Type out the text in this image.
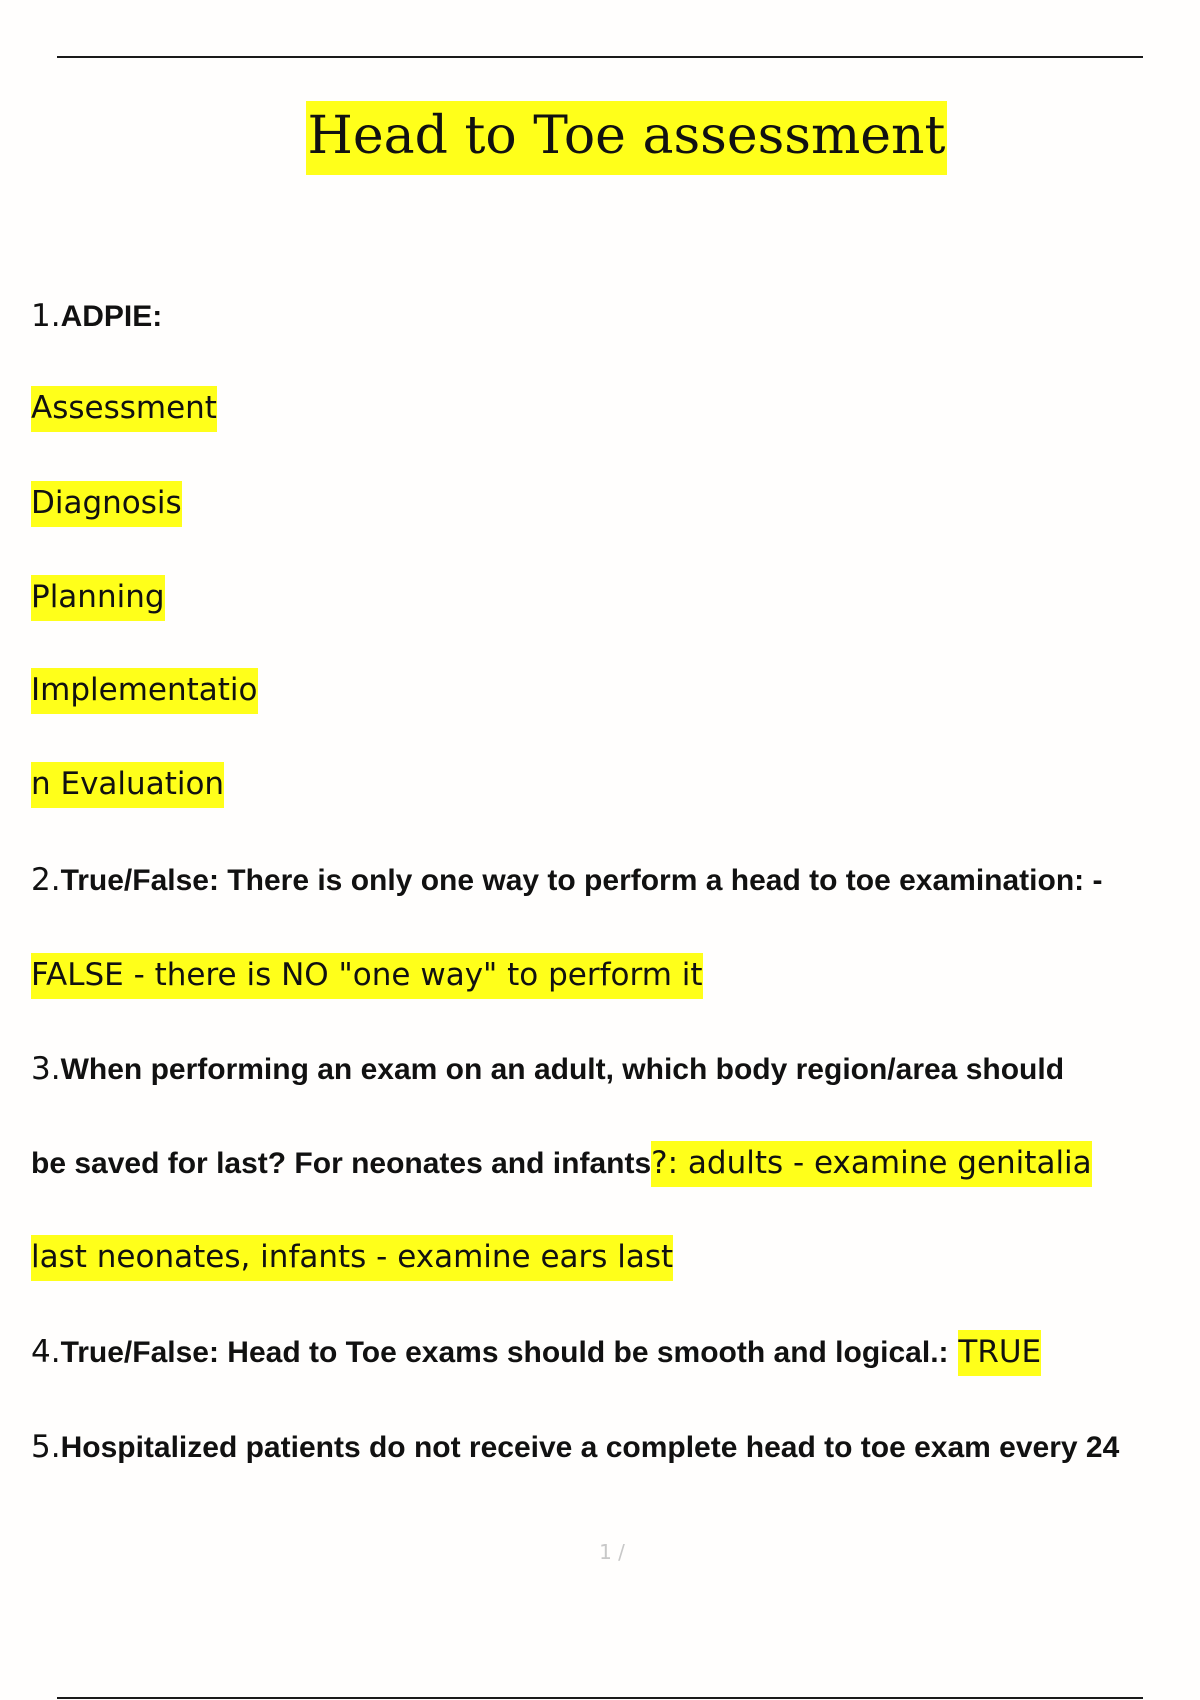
Head to Toe assessment
1.ADPIE:
Assessment
Diagnosis
Planning
Implementatio
n Evaluation
2.True/False: There is only one way to perform a head to toe examination: -
FALSE - there is NO "one way" to perform it
3.When performing an exam on an adult, which body region/area should
be saved for last? For neonates and infants?: adults - examine genitalia
last neonates, infants - examine ears last
4.True/False: Head to Toe exams should be smooth and logical.: TRUE
5.Hospitalized patients do not receive a complete head to toe exam every 24
1 /
